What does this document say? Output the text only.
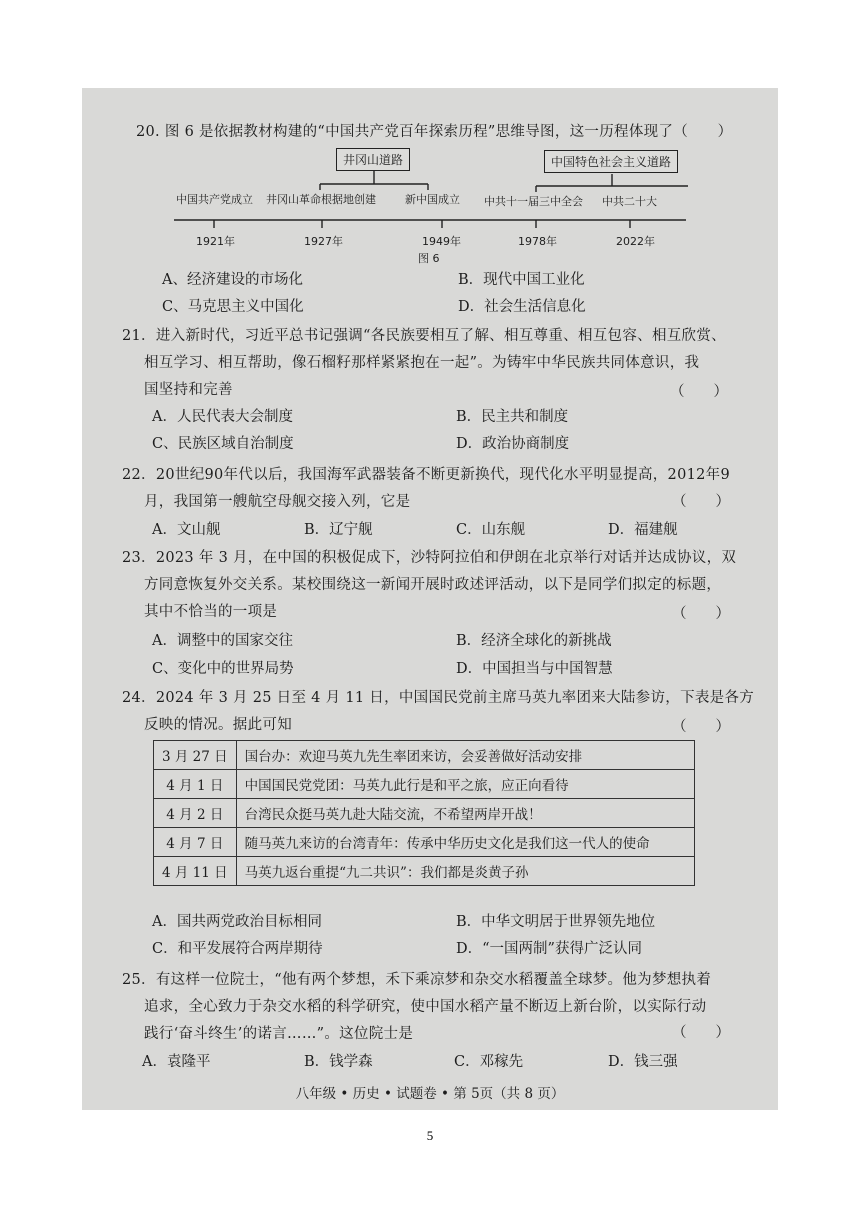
20. 图 6 是依据教材构建的“中国共产党百年探索历程”思维导图，这一历程体现了（　　）
井冈山道路	中国特色社会主义道路
中国共产党成立 井冈山革命根据地创建	新中国成立 中共十一届三中全会 中共二十大
1921年	1927年	1949年	1978年	2022年
图 6
A、经济建设的市场化	B．现代中国工业化
C、马克思主义中国化	D．社会生活信息化
21．进入新时代，习近平总书记强调“各民族要相互了解、相互尊重、相互包容、相互欣赏、
相互学习、相互帮助，像石榴籽那样紧紧抱在一起”。为铸牢中华民族共同体意识，我
国坚持和完善	（　　）
A．人民代表大会制度	B．民主共和制度
C、民族区域自治制度	D．政治协商制度
22．20世纪90年代以后，我国海军武器装备不断更新换代，现代化水平明显提高，2012年9
月，我国第一艘航空母舰交接入列，它是	（　　）
A．文山舰	B．辽宁舰	C．山东舰	D．福建舰
23．2023 年 3 月，在中国的积极促成下，沙特阿拉伯和伊朗在北京举行对话并达成协议，双
方同意恢复外交关系。某校围绕这一新闻开展时政述评活动，以下是同学们拟定的标题，
其中不恰当的一项是	（　　）
A．调整中的国家交往	B．经济全球化的新挑战
C、变化中的世界局势	D．中国担当与中国智慧
24．2024 年 3 月 25 日至 4 月 11 日，中国国民党前主席马英九率团来大陆参访，下表是各方
反映的情况。据此可知	（　　）
A．国共两党政治目标相同	B．中华文明居于世界领先地位
C．和平发展符合两岸期待	D．“一国两制”获得广泛认同
25．有这样一位院士，“他有两个梦想，禾下乘凉梦和杂交水稻覆盖全球梦。他为梦想执着
追求，全心致力于杂交水稻的科学研究，使中国水稻产量不断迈上新台阶，以实际行动
践行‘奋斗终生’的诺言……”。这位院士是	（　　）
A．袁隆平	B．钱学森	C．邓稼先	D．钱三强
八年级 • 历史 • 试题卷 • 第 5页（共 8 页）
3 月 27 日	国台办：欢迎马英九先生率团来访，会妥善做好活动安排
4 月 1 日	中国国民党党团：马英九此行是和平之旅，应正向看待
4 月 2 日	台湾民众挺马英九赴大陆交流，不希望两岸开战！
4 月 7 日	随马英九来访的台湾青年：传承中华历史文化是我们这一代人的使命
4 月 11 日	马英九返台重提“九二共识”：我们都是炎黄子孙
5
